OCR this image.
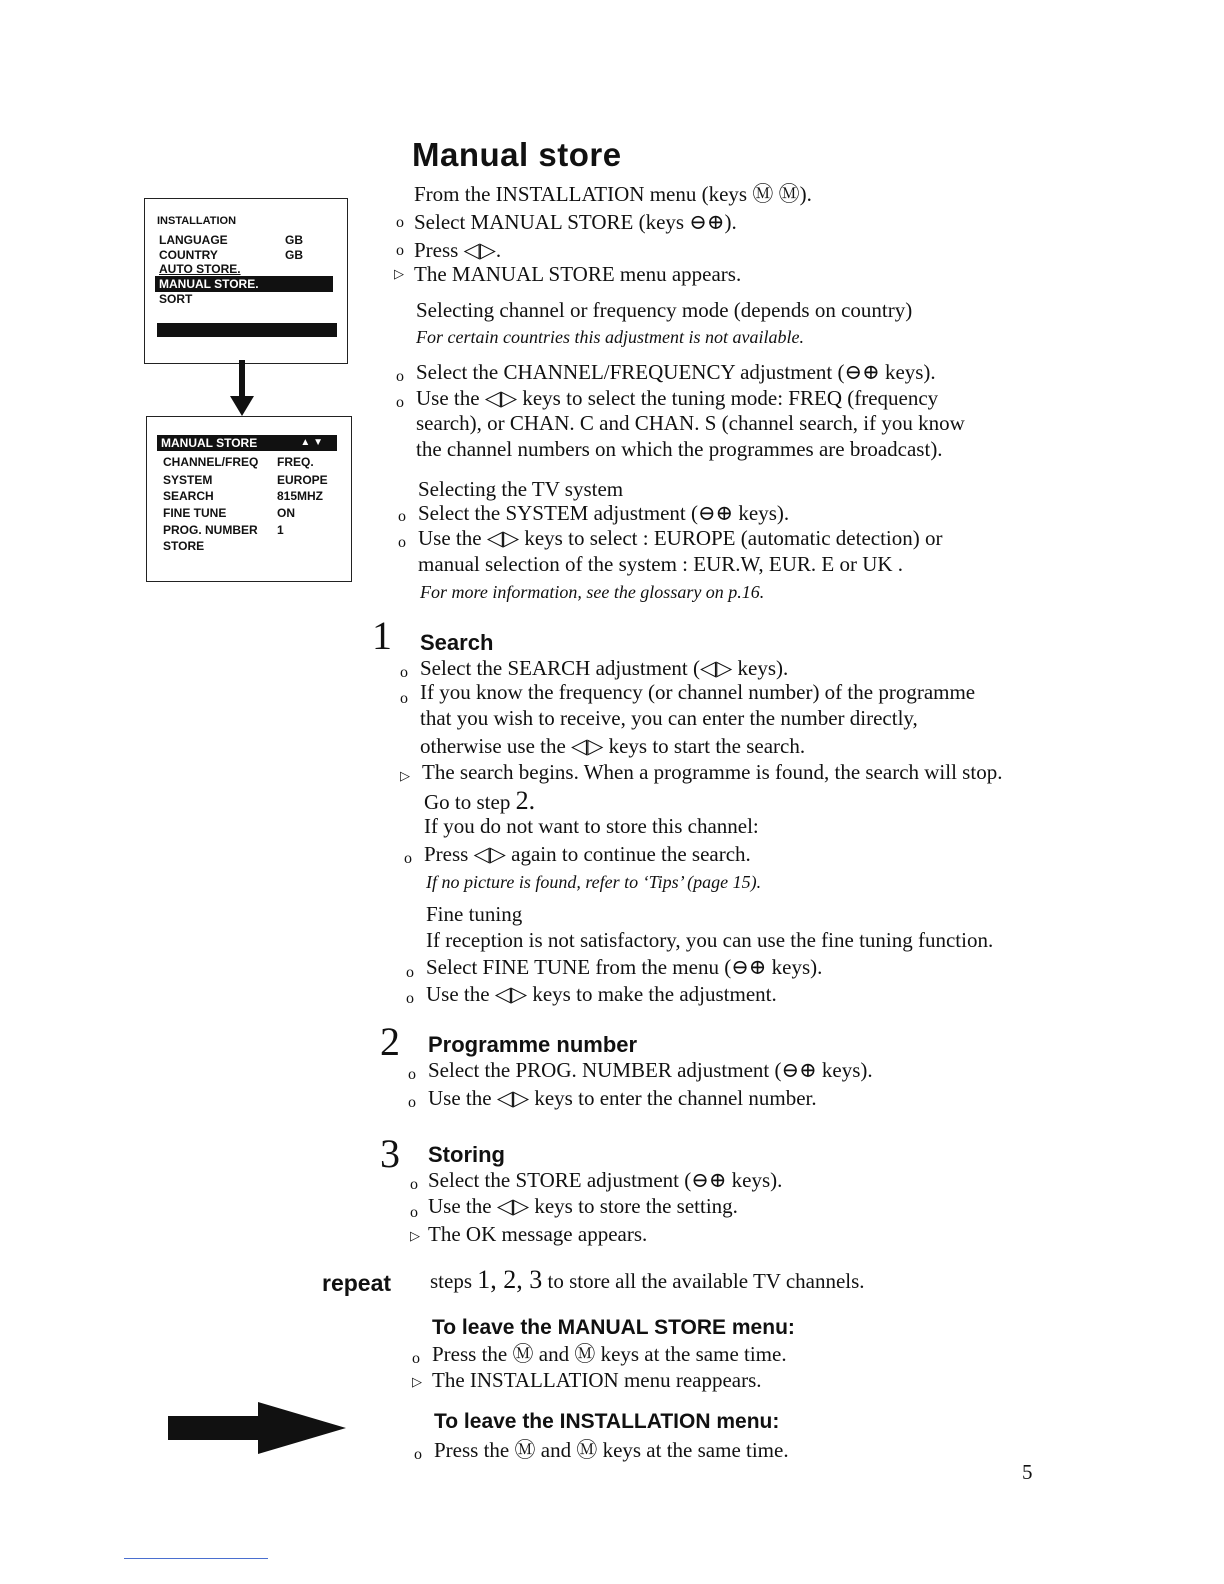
Manual store
From the INSTALLATION menu (keys Ⓜ Ⓜ).
o Select MANUAL STORE (keys ⊖⊕).
o Press ◁▷.
▷ The MANUAL STORE menu appears.
Selecting channel or frequency mode (depends on country)
For certain countries this adjustment is not available.
o Select the CHANNEL/FREQUENCY adjustment (⊖⊕ keys).
o Use the ◁▷ keys to select the tuning mode: FREQ (frequency
search), or CHAN. C and CHAN. S (channel search, if you know
the channel numbers on which the programmes are broadcast).
Selecting the TV system
o Select the SYSTEM adjustment (⊖⊕ keys).
o Use the ◁▷ keys to select : EUROPE (automatic detection) or
manual selection of the system : EUR.W, EUR. E or UK .
For more information, see the glossary on p.16.
1 Search
o Select the SEARCH adjustment (◁▷ keys).
o If you know the frequency (or channel number) of the programme
that you wish to receive, you can enter the number directly,
otherwise use the ◁▷ keys to start the search.
▷ The search begins. When a programme is found, the search will stop.
Go to step 2.
If you do not want to store this channel:
o Press ◁▷ again to continue the search.
If no picture is found, refer to ‘Tips’ (page 15).
Fine tuning
If reception is not satisfactory, you can use the fine tuning function.
o Select FINE TUNE from the menu (⊖⊕ keys).
o Use the ◁▷ keys to make the adjustment.
2 Programme number
o Select the PROG. NUMBER adjustment (⊖⊕ keys).
o Use the ◁▷ keys to enter the channel number.
3 Storing
o Select the STORE adjustment (⊖⊕ keys).
o Use the ◁▷ keys to store the setting.
▷ The OK message appears.
repeat steps 1, 2, 3 to store all the available TV channels.
To leave the MANUAL STORE menu:
o Press the Ⓜ and Ⓜ keys at the same time.
▷ The INSTALLATION menu reappears.
To leave the INSTALLATION menu:
o Press the Ⓜ and Ⓜ keys at the same time.
5
INSTALLATION
LANGUAGE	GB
COUNTRY	GB
AUTO STORE.
MANUAL STORE.
SORT
MANUAL STORE	▲ ▼
CHANNEL/FREQ FREQ.
SYSTEM	EUROPE
SEARCH	815MHZ
FINE TUNE	ON
PROG. NUMBER 1
STORE
